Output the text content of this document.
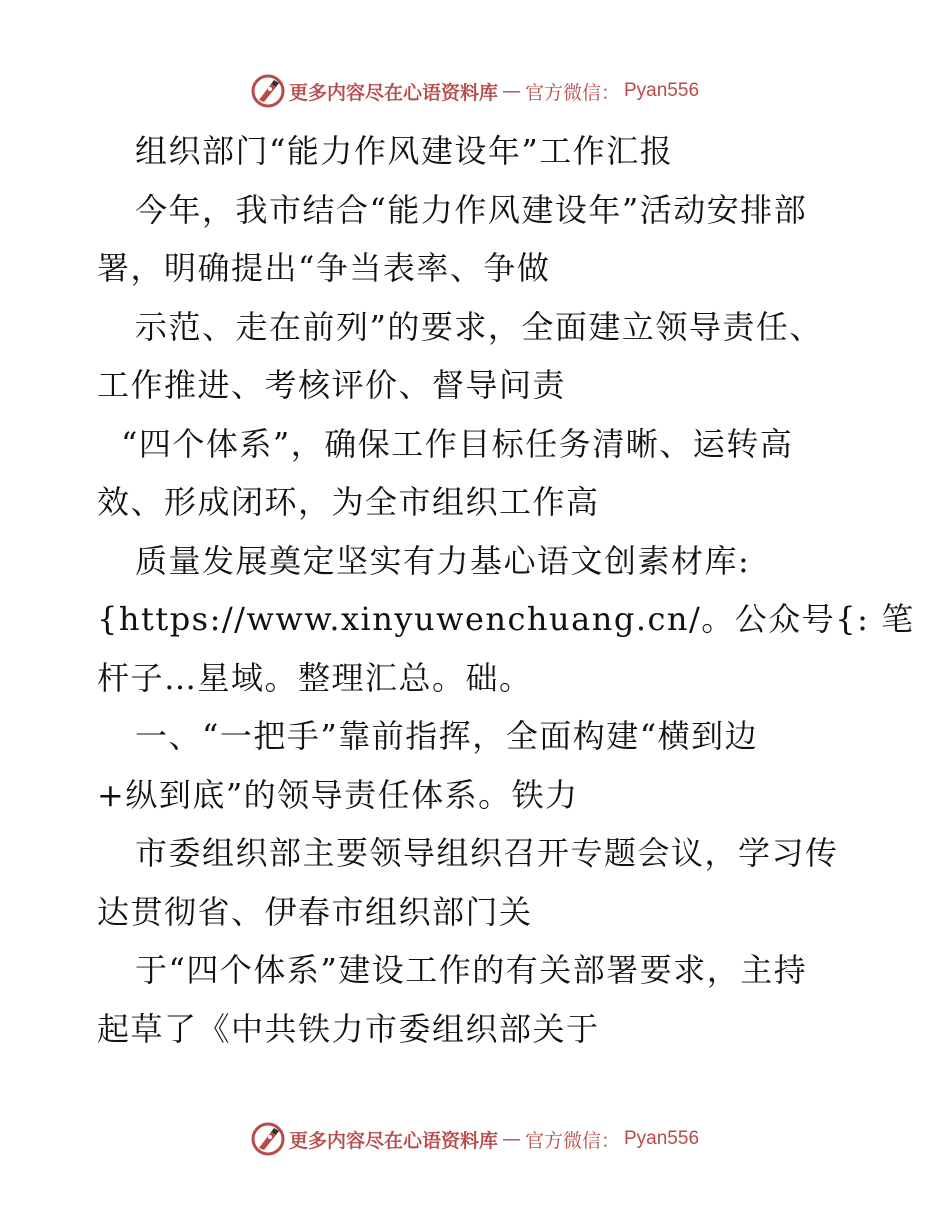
更多内容尽在心语资料库 — 官方微信： Pyan556
组织部门“能力作风建设年”工作汇报
今年，我市结合“能力作风建设年”活动安排部
署，明确提出“争当表率、争做
示范、走在前列”的要求，全面建立领导责任、
工作推进、考核评价、督导问责
“四个体系”，确保工作目标任务清晰、运转高
效、形成闭环，为全市组织工作高
质量发展奠定坚实有力基心语文创素材库:
{https://www.xinyuwenchuang.cn/。公众号{: 笔
杆子…星域。整理汇总。础。
一、“一把手”靠前指挥，全面构建“横到边
+纵到底”的领导责任体系。铁力
市委组织部主要领导组织召开专题会议，学习传
达贯彻省、伊春市组织部门关
于“四个体系”建设工作的有关部署要求，主持
起草了《中共铁力市委组织部关于
更多内容尽在心语资料库 — 官方微信： Pyan556
